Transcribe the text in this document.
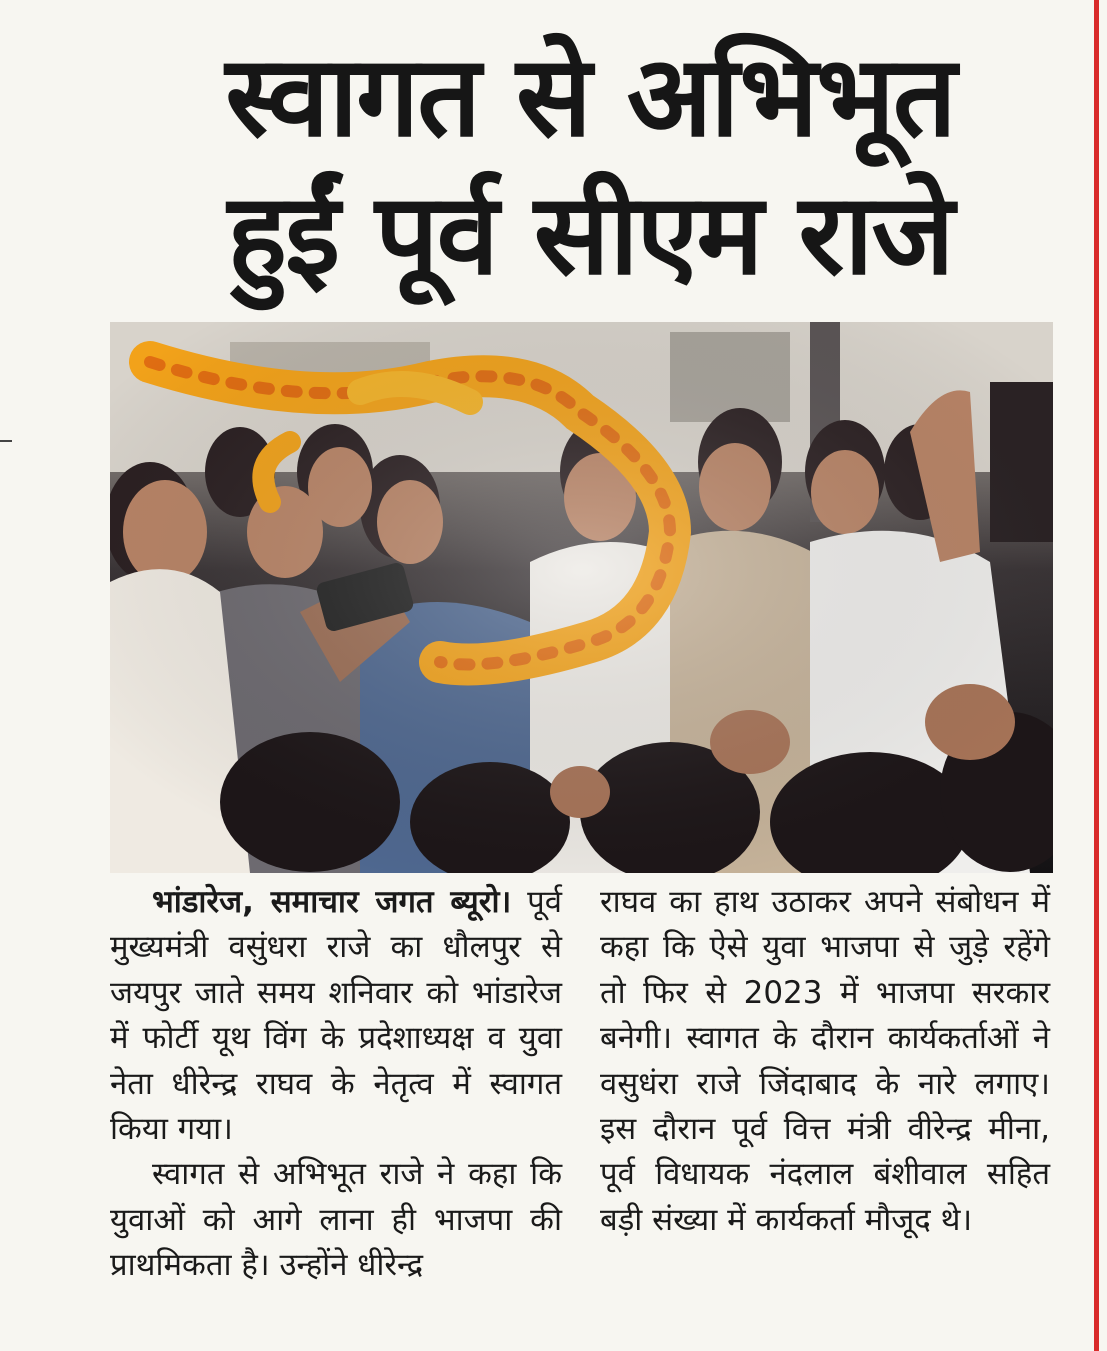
स्वागत से अभिभूत
हुईं पूर्व सीएम राजे

भांडारेज, समाचार जगत ब्यूरो। पूर्व मुख्यमंत्री वसुंधरा राजे का धौलपुर से जयपुर जाते समय शनिवार को भांडारेज में फोर्टी यूथ विंग के प्रदेशाध्यक्ष व युवा नेता धीरेन्द्र राघव के नेतृत्व में स्वागत किया गया।

स्वागत से अभिभूत राजे ने कहा कि युवाओं को आगे लाना ही भाजपा की प्राथमिकता है। उन्होंने धीरेन्द्र

राघव का हाथ उठाकर अपने संबोधन में कहा कि ऐसे युवा भाजपा से जुड़े रहेंगे तो फिर से 2023 में भाजपा सरकार बनेगी। स्वागत के दौरान कार्यकर्ताओं ने वसुधंरा राजे जिंदाबाद के नारे लगाए। इस दौरान पूर्व वित्त मंत्री वीरेन्द्र मीना, पूर्व विधायक नंदलाल बंशीवाल सहित बड़ी संख्या में कार्यकर्ता मौजूद थे।
